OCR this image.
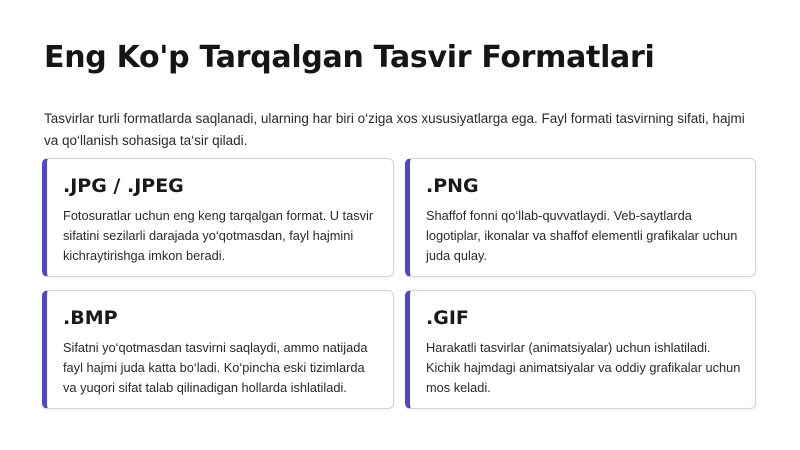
Eng Ko'p Tarqalgan Tasvir Formatlari

Tasvirlar turli formatlarda saqlanadi, ularning har biri o‘ziga xos xususiyatlarga ega. Fayl formati tasvirning sifati, hajmi va qo‘llanish sohasiga ta‘sir qiladi.

.JPG / .JPEG

Fotosuratlar uchun eng keng tarqalgan format. U tasvir sifatini sezilarli darajada yo‘qotmasdan, fayl hajmini kichraytirishga imkon beradi.

.PNG

Shaffof fonni qo‘llab-quvvatlaydi. Veb-saytlarda logotiplar, ikonalar va shaffof elementli grafikalar uchun juda qulay.

.BMP

Sifatni yo‘qotmasdan tasvirni saqlaydi, ammo natijada fayl hajmi juda katta bo‘ladi. Ko‘pincha eski tizimlarda va yuqori sifat talab qilinadigan hollarda ishlatiladi.

.GIF

Harakatli tasvirlar (animatsiyalar) uchun ishlatiladi. Kichik hajmdagi animatsiyalar va oddiy grafikalar uchun mos keladi.
